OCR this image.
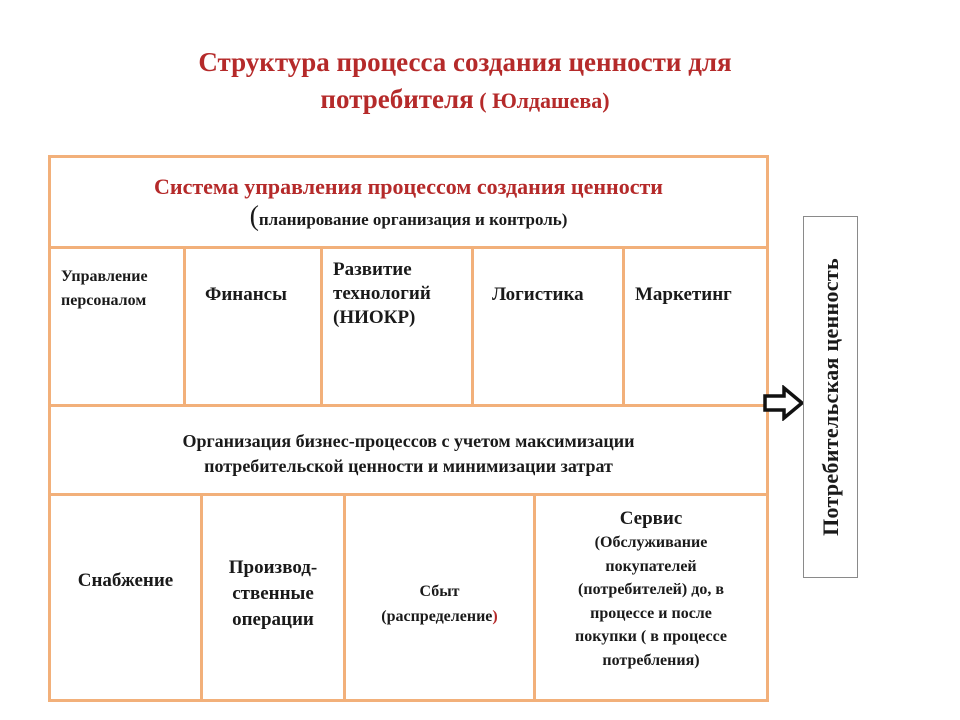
Структура процесса создания ценности для
потребителя ( Юлдашева)
Система управления процессом создания ценности
(планирование организация и контроль)
Управление
персоналом	Финансы
Развитие
технологий
(НИОКР)
Логистика	Маркетинг
Организация бизнес-процессов с учетом максимизации
потребительской ценности и минимизации затрат
Снабжение
Производ-
ственные
операции
Сбыт
(распределение)
Сервис
(Обслуживание
покупателей
(потребителей) до, в
процессе и после
покупки ( в процессе
потребления)
Потребительская ценность
